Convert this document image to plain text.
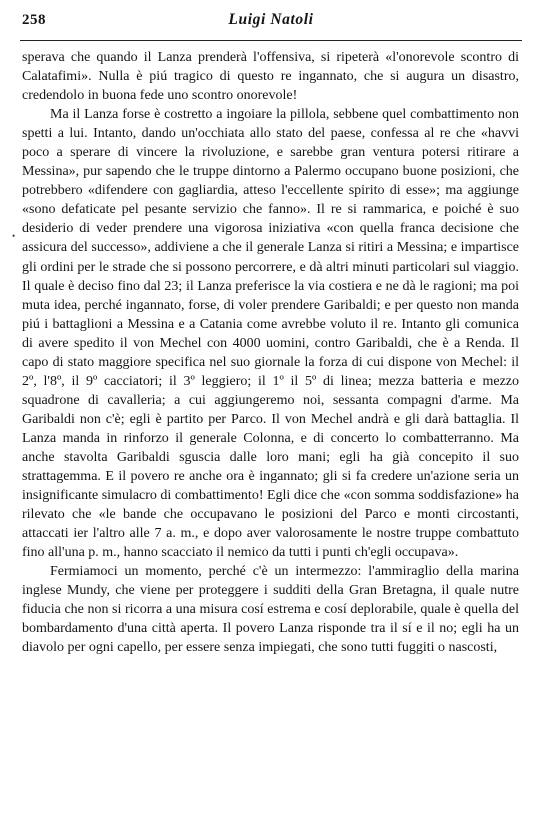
258	Luigi Natoli
•

sperava che quando il Lanza prenderà l'offensiva, si ripeterà «l'onorevole scontro di Calatafimi». Nulla è piú tragico di questo re ingannato, che si augura un disastro, credendolo in buona fede uno scontro onorevole!

Ma il Lanza forse è costretto a ingoiare la pillola, sebbene quel combattimento non spetti a lui. Intanto, dando un'occhiata allo stato del paese, confessa al re che «havvi poco a sperare di vincere la rivoluzione, e sarebbe gran ventura potersi ritirare a Messina», pur sapendo che le truppe dintorno a Palermo occupano buone posizioni, che potrebbero «difendere con gagliardia, atteso l'eccellente spirito di esse»; ma aggiunge «sono defaticate pel pesante servizio che fanno». Il re si rammarica, e poiché è suo desiderio di veder prendere una vigorosa iniziativa «con quella franca decisione che assicura del successo», addiviene a che il generale Lanza si ritiri a Messina; e impartisce gli ordini per le strade che si possono percorrere, e dà altri minuti particolari sul viaggio. Il quale è deciso fino dal 23; il Lanza preferisce la via costiera e ne dà le ragioni; ma poi muta idea, perché ingannato, forse, di voler prendere Garibaldi; e per questo non manda piú i battaglioni a Messina e a Catania come avrebbe voluto il re. Intanto gli comunica di avere spedito il von Mechel con 4000 uomini, contro Garibaldi, che è a Renda. Il capo di stato maggiore specifica nel suo giornale la forza di cui dispone von Mechel: il 2º, l'8º, il 9º cacciatori; il 3º leggiero; il 1º il 5º di linea; mezza batteria e mezzo squadrone di cavalleria; a cui aggiungeremo noi, sessanta compagni d'arme. Ma Garibaldi non c'è; egli è partito per Parco. Il von Mechel andrà e gli darà battaglia. Il Lanza manda in rinforzo il generale Colonna, e di concerto lo combatterranno. Ma anche stavolta Garibaldi sguscia dalle loro mani; egli ha già concepito il suo strattagemma. E il povero re anche ora è ingannato; gli si fa credere un'azione seria un insignificante simulacro di combattimento! Egli dice che «con somma soddisfazione» ha rilevato che «le bande che occupavano le posizioni del Parco e monti circostanti, attaccati ier l'altro alle 7 a. m., e dopo aver valorosamente le nostre truppe combattuto fino all'una p. m., hanno scacciato il nemico da tutti i punti ch'egli occupava».

Fermiamoci un momento, perché c'è un intermezzo: l'ammiraglio della marina inglese Mundy, che viene per proteggere i sudditi della Gran Bretagna, il quale nutre fiducia che non si ricorra a una misura cosí estrema e cosí deplorabile, quale è quella del bombardamento d'una città aperta. Il povero Lanza risponde tra il sí e il no; egli ha un diavolo per ogni capello, per essere senza impiegati, che sono tutti fuggiti o nascosti,
